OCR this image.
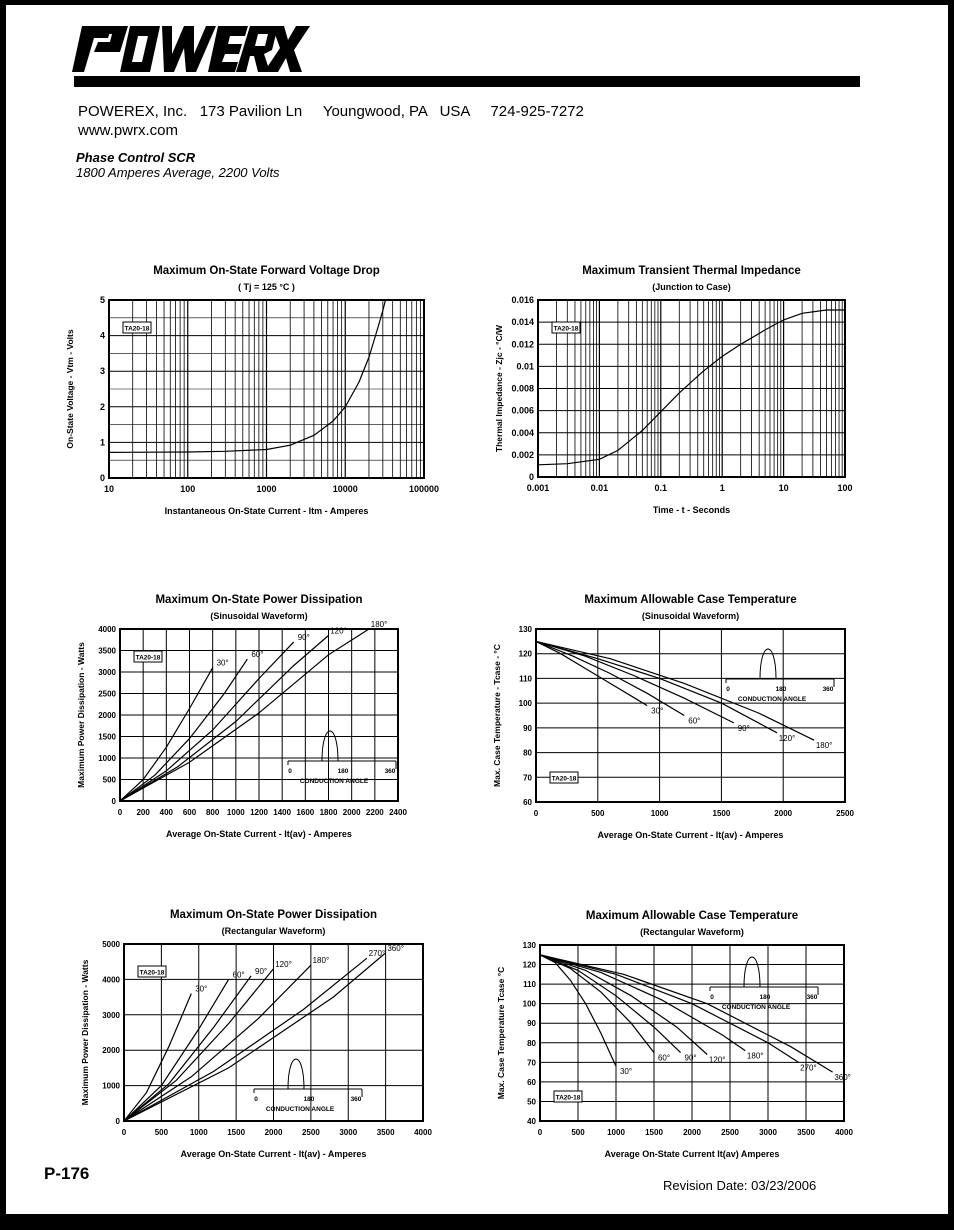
POWEREX
POWEREX, Inc.   173 Pavilion Ln     Youngwood, PA   USA     724-925-7272
www.pwrx.com
Phase Control SCR
1800 Amperes Average, 2200 Volts
Maximum On-State Forward Voltage Drop
( Tj = 125 °C )
10	100	1000	10000	100000
0
1
2
3
4
5
Instantaneous On-State Current - Itm - Amperes
On-State Voltage - Vtm - Volts
TA20-18
Maximum Transient Thermal Impedance
(Junction to Case)
0.001	0.01	0.1	1	10	100
0
0.002
0.004
0.006
0.008
0.01
0.012
0.014
0.016
Time - t - Seconds
Thermal Impedance - Zjc - °C/W	TA20-18
Maximum On-State Power Dissipation
(Sinusoidal Waveform)
0 200 400 600 800 1000 1200 1400 1600 1800 2000 2200 2400
0
500
1000
1500
2000
2500
3000
3500
4000
Average On-State Current - It(av) - Amperes
Maximum Power Dissipation - Watts	TA20-18
30°
60°
90°
120°
180°
0	180	360
CONDUCTION ANGLE
Maximum Allowable Case Temperature
(Sinusoidal Waveform)
0	500	1000	1500	2000	2500
60
70
80
90
100
110
120
130
Average On-State Current - It(av) - Amperes
Max. Case Temperature - Tcase - °C	TA20-18
30°
60°
90°
120°
180°
0	180	360
CONDUCTION ANGLE
Maximum On-State Power Dissipation
(Rectangular Waveform)
0	500	1000 1500 2000 2500 3000 3500 4000
0
1000
2000
3000
4000
5000
Average On-State Current - It(av) - Amperes
Maximum Power Dissipation - Watts	TA20-18
30°
60° 90°
120°	180°
270°
360°
0	180	360
CONDUCTION ANGLE
Maximum Allowable Case Temperature
(Rectangular Waveform)
0	500	1000	1500	2000	2500	3000	3500	4000
40
50
60
70
80
90
100
110
120
130
Average On-State Current It(av) Amperes
Max. Case Temperature Tcase °C	TA20-18
30°
60° 90° 120°	180°
270°
360°
0	180	360
CONDUCTION ANGLE
P-176
Revision Date: 03/23/2006
